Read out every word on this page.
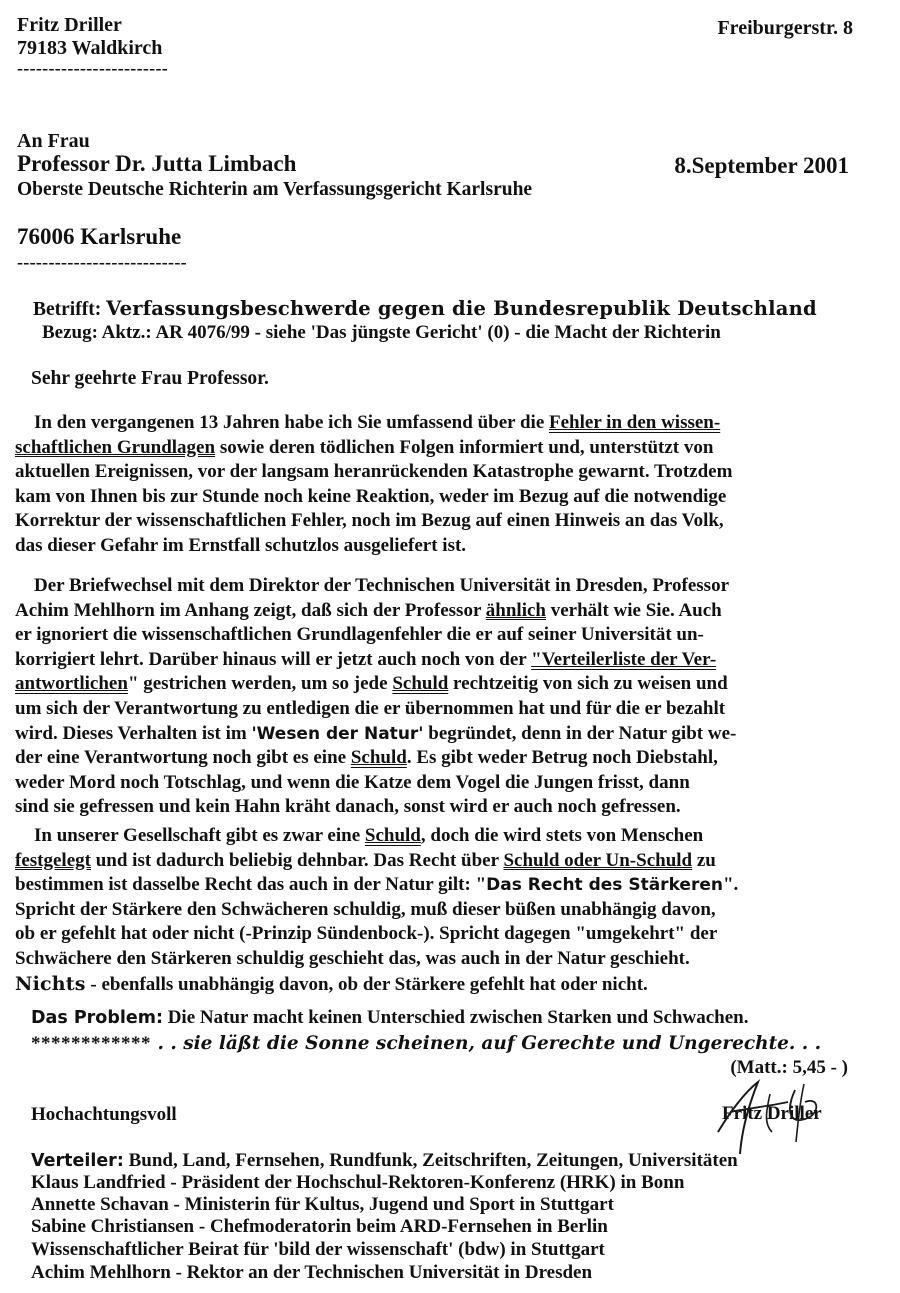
Fritz Driller
79183 Waldkirch
------------------------
Freiburgerstr. 8
An Frau
Professor Dr. Jutta Limbach	8.September 2001
Oberste Deutsche Richterin am Verfassungsgericht Karlsruhe
76006 Karlsruhe
---------------------------
Betrifft: Verfassungsbeschwerde gegen die Bundesrepublik Deutschland
Bezug: Aktz.: AR 4076/99 - siehe 'Das jüngste Gericht' (0) - die Macht der Richterin
Sehr geehrte Frau Professor.
In den vergangenen 13 Jahren habe ich Sie umfassend über die Fehler in den wissen-
schaftlichen Grundlagen sowie deren tödlichen Folgen informiert und, unterstützt von
aktuellen Ereignissen, vor der langsam heranrückenden Katastrophe gewarnt. Trotzdem
kam von Ihnen bis zur Stunde noch keine Reaktion, weder im Bezug auf die notwendige
Korrektur der wissenschaftlichen Fehler, noch im Bezug auf einen Hinweis an das Volk,
das dieser Gefahr im Ernstfall schutzlos ausgeliefert ist.
Der Briefwechsel mit dem Direktor der Technischen Universität in Dresden, Professor
Achim Mehlhorn im Anhang zeigt, daß sich der Professor ähnlich verhält wie Sie. Auch
er ignoriert die wissenschaftlichen Grundlagenfehler die er auf seiner Universität un-
korrigiert lehrt. Darüber hinaus will er jetzt auch noch von der "Verteilerliste der Ver-
antwortlichen" gestrichen werden, um so jede Schuld rechtzeitig von sich zu weisen und
um sich der Verantwortung zu entledigen die er übernommen hat und für die er bezahlt
wird. Dieses Verhalten ist im 'Wesen der Natur' begründet, denn in der Natur gibt we-
der eine Verantwortung noch gibt es eine Schuld. Es gibt weder Betrug noch Diebstahl,
weder Mord noch Totschlag, und wenn die Katze dem Vogel die Jungen frisst, dann
sind sie gefressen und kein Hahn kräht danach, sonst wird er auch noch gefressen.
In unserer Gesellschaft gibt es zwar eine Schuld, doch die wird stets von Menschen
festgelegt und ist dadurch beliebig dehnbar. Das Recht über Schuld oder Un-Schuld zu
bestimmen ist dasselbe Recht das auch in der Natur gilt: "Das Recht des Stärkeren".
Spricht der Stärkere den Schwächeren schuldig, muß dieser büßen unabhängig davon,
ob er gefehlt hat oder nicht (-Prinzip Sündenbock-). Spricht dagegen "umgekehrt" der
Schwächere den Stärkeren schuldig geschieht das, was auch in der Natur geschieht.
Nichts - ebenfalls unabhängig davon, ob der Stärkere gefehlt hat oder nicht.
Das Problem: Die Natur macht keinen Unterschied zwischen Starken und Schwachen.
************ . . sie läßt die Sonne scheinen, auf Gerechte und Ungerechte. . .
(Matt.: 5,45 - )
Hochachtungsvoll	Fritz Driller
Verteiler: Bund, Land, Fernsehen, Rundfunk, Zeitschriften, Zeitungen, Universitäten
Klaus Landfried - Präsident der Hochschul-Rektoren-Konferenz (HRK) in Bonn
Annette Schavan - Ministerin für Kultus, Jugend und Sport in Stuttgart
Sabine Christiansen - Chefmoderatorin beim ARD-Fernsehen in Berlin
Wissenschaftlicher Beirat für 'bild der wissenschaft' (bdw) in Stuttgart
Achim Mehlhorn - Rektor an der Technischen Universität in Dresden
